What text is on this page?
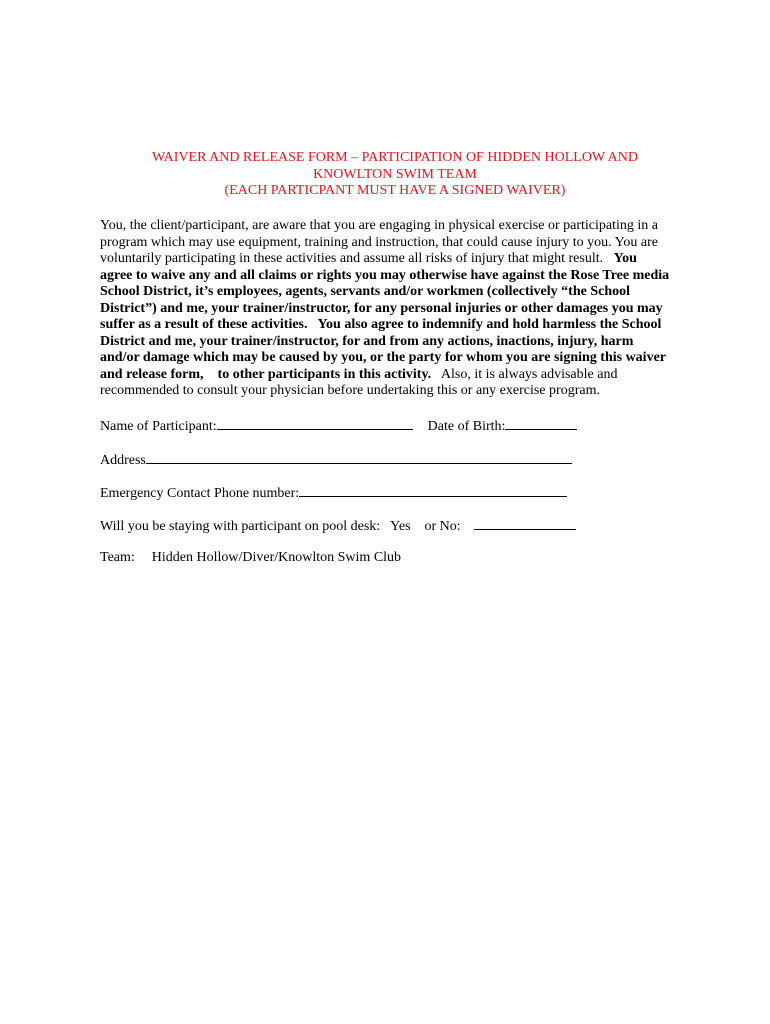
WAIVER AND RELEASE FORM – PARTICIPATION OF HIDDEN HOLLOW AND
KNOWLTON SWIM TEAM
(EACH PARTICPANT MUST HAVE A SIGNED WAIVER)
You, the client/participant, are aware that you are engaging in physical exercise or participating in a
program which may use equipment, training and instruction, that could cause injury to you. You are
voluntarily participating in these activities and assume all risks of injury that might result.   You
agree to waive any and all claims or rights you may otherwise have against the Rose Tree media
School District, it’s employees, agents, servants and/or workmen (collectively “the School
District”) and me, your trainer/instructor, for any personal injuries or other damages you may
suffer as a result of these activities.   You also agree to indemnify and hold harmless the School
District and me, your trainer/instructor, for and from any actions, inactions, injury, harm
and/or damage which may be caused by you, or the party for whom you are signing this waiver
and release form,    to other participants in this activity.   Also, it is always advisable and
recommended to consult your physician before undertaking this or any exercise program.
Name of Participant:	Date of Birth:
Address
Emergency Contact Phone number:
Will you be staying with participant on pool desk:   Yes    or No:
Team: Hidden Hollow/Diver/Knowlton Swim Club
